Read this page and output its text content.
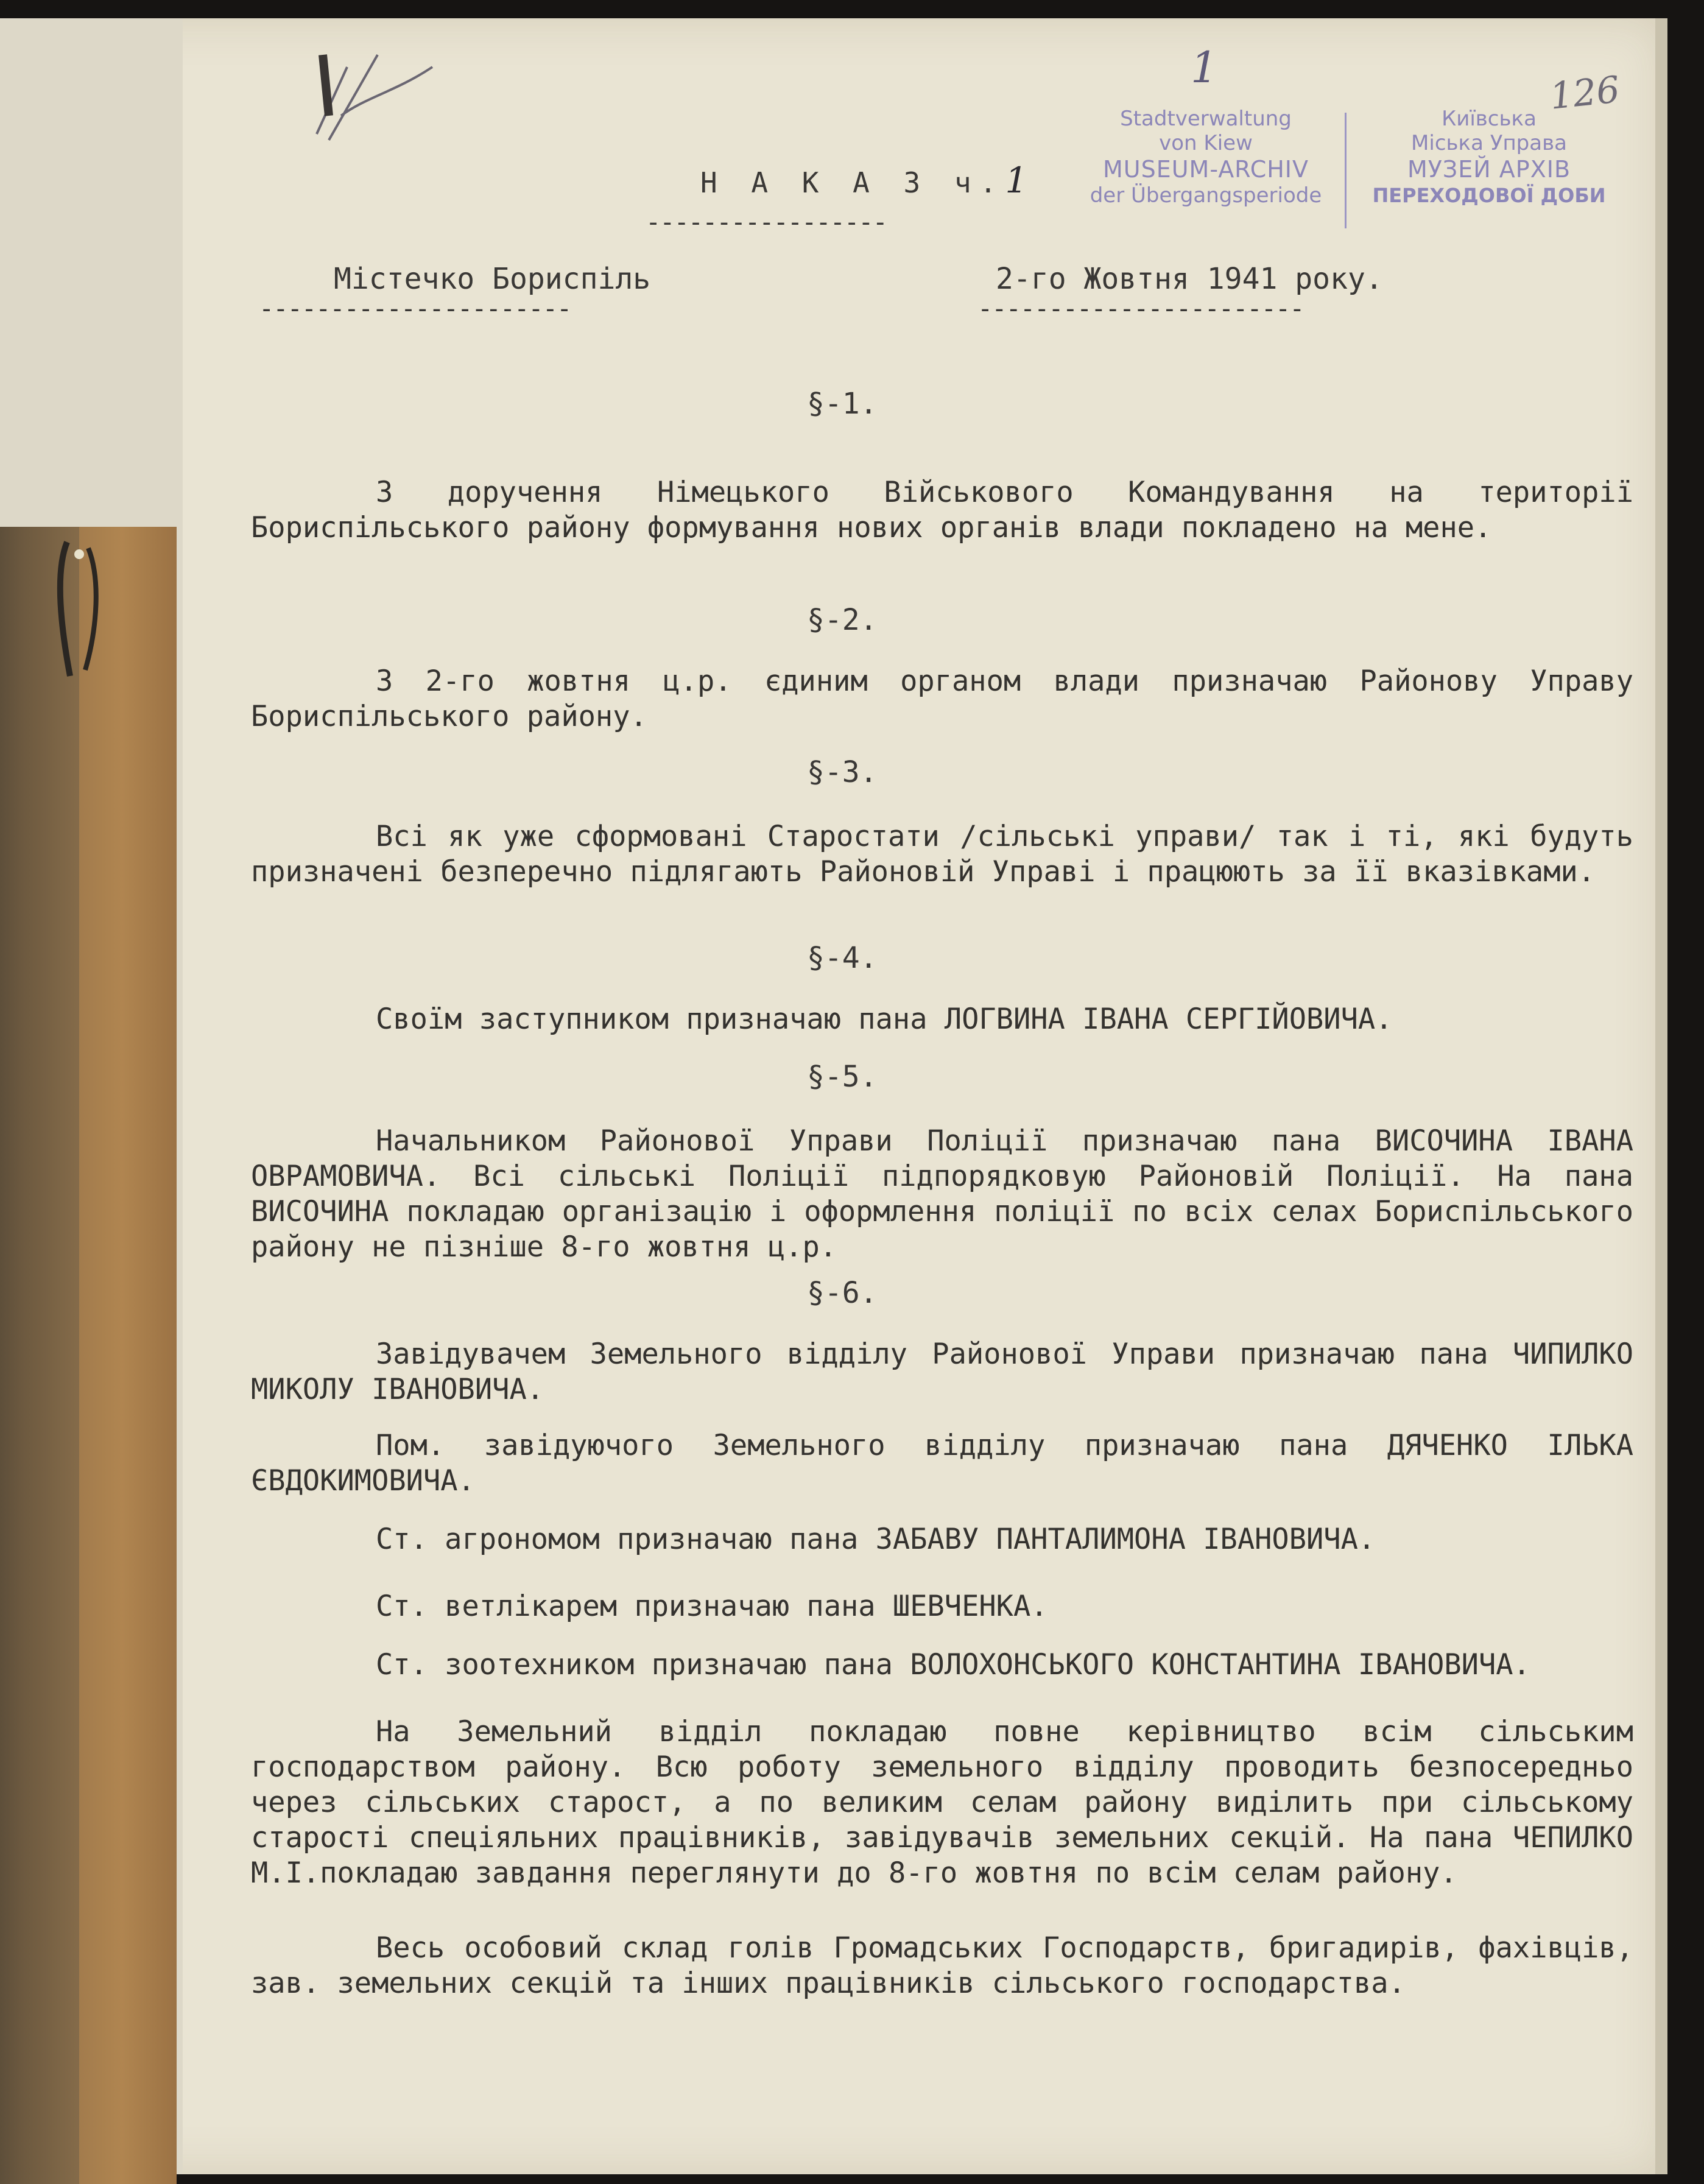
1
126
Stadtverwaltung
von Kiew
MUSEUM-ARCHIV
der Übergangsperiode
Київська
Міська Управа
МУЗЕЙ АРХІВ
ПЕРЕХОДОВОЇ ДОБИ
Н А К А З ч.1
-----------------
Містечко Бориспіль
----------------------
2-го Жовтня 1941 року.
-----------------------
§-1.

З доручення Німецького Військового Командування на території Бориспільського району формування нових органів влади покладено на мене.

§-2.

З 2-го жовтня ц.р. єдиним органом влади призначаю Районову Управу Бориспільського району.

§-3.

Всі як уже сформовані Старостати /сільські управи/ так і ті, які будуть призначені безперечно підлягають Районовій Управі і працюють за її вказівками.

§-4.

Своїм заступником призначаю пана ЛОГВИНА ІВАНА СЕРГІЙОВИЧА.

§-5.

Начальником Районової Управи Поліції призначаю пана ВИСОЧИНА ІВАНА ОВРАМОВИЧА. Всі сільські Поліції підпорядковую Районовій Поліції. На пана ВИСОЧИНА покладаю організацію і оформлення поліції по всіх селах Бориспільського району не пізніше 8-го жовтня ц.р.

§-6.

Завідувачем Земельного відділу Районової Управи призначаю пана ЧИПИЛКО МИКОЛУ ІВАНОВИЧА.

Пом. завідуючого Земельного відділу призначаю пана ДЯЧЕНКО ІЛЬКА ЄВДОКИМОВИЧА.

Ст. агрономом призначаю пана ЗАБАВУ ПАНТАЛИМОНА ІВАНОВИЧА.
Ст. ветлікарем призначаю пана ШЕВЧЕНКА.

Ст. зоотехником призначаю пана ВОЛОХОНСЬКОГО КОНСТАНТИНА ІВАНОВИЧА.

На Земельний відділ покладаю повне керівництво всім сільським господарством району. Всю роботу земельного відділу проводить безпосередньо через сільських старост, а по великим селам району виділить при сільському старості спеціяльних працівників, завідувачів земельних секцій. На пана ЧЕПИЛКО М.І.покладаю завдання переглянути до 8-го жовтня по всім селам району.

Весь особовий склад голів Громадських Господарств, бригадирів, фахівців, зав. земельних секцій та інших працівників сільського господарства.
